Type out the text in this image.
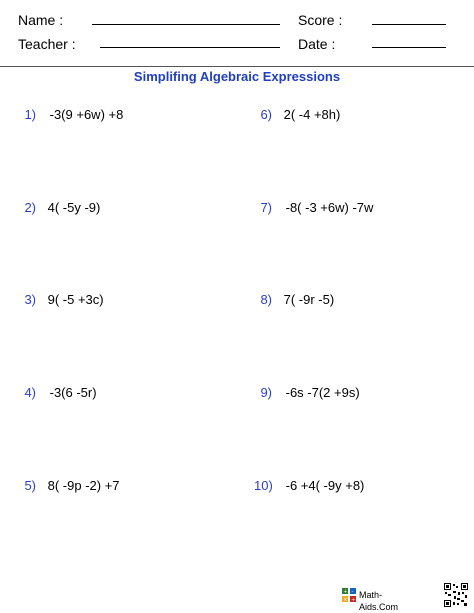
Name :
Teacher :
Score :
Date :
Simplifing Algebraic Expressions
1) -3(9 +6w) +8
2) 4( -5y -9)
3) 9( -5 +3c)
4) -3(6 -5r)
5) 8( -9p -2) +7
6) 2( -4 +8h)
7) -8( -3 +6w) -7w
8) 7( -9r -5)
9) -6s -7(2 +9s)
10) -6 +4( -9y +8)
+ -
× ÷
Math-Aids.Com
